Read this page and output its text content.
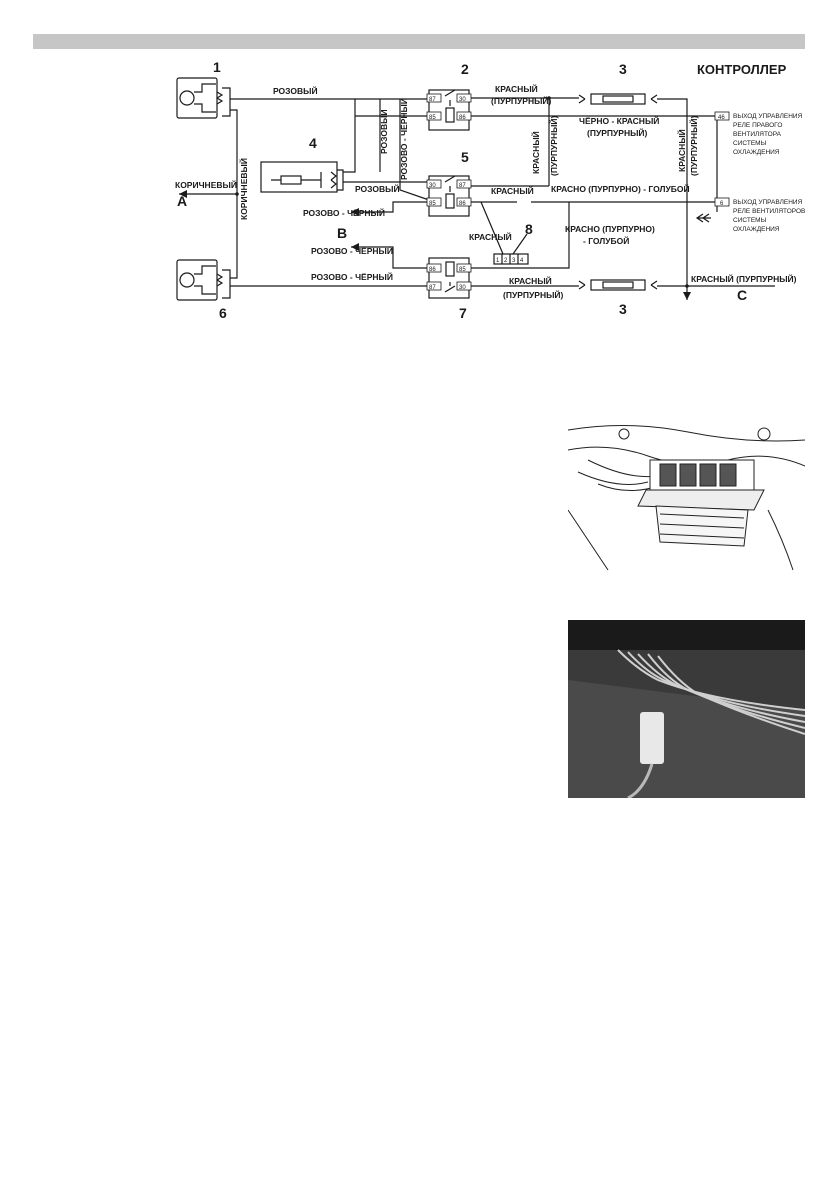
87	30
85	86
30	87
85	86
86	85
87	30
46
6
1 2 3 4
1	2	3
3
4
5
6	7
8
КОНТРОЛЛЕР
А
В
С
РОЗОВЫЙ
РОЗОВЫЙ РОЗОВО - ЧЁРНЫЙ
РОЗОВЫЙ
КОРИЧНЕВЫЙ КОРИЧНЕВЫЙ	РОЗОВО - ЧЁРНЫЙ
РОЗОВО - ЧЁРНЫЙ
РОЗОВО - ЧЁРНЫЙ
КРАСНЫЙ
(ПУРПУРНЫЙ)
ЧЁРНО - КРАСНЫЙ
(ПУРПУРНЫЙ)
КРАСНЫЙ (ПУРПУРНЫЙ)	КРАСНЫЙ (ПУРПУРНЫЙ)
КРАСНЫЙ КРАСНО (ПУРПУРНО) - ГОЛУБОЙ
КРАСНЫЙ
КРАСНО (ПУРПУРНО)
- ГОЛУБОЙ
КРАСНЫЙ
(ПУРПУРНЫЙ)
КРАСНЫЙ (ПУРПУРНЫЙ)
ВЫХОД УПРАВЛЕНИЯ
РЕЛЕ ПРАВОГО
ВЕНТИЛЯТОРА
СИСТЕМЫ
ОХЛАЖДЕНИЯ
ВЫХОД УПРАВЛЕНИЯ
РЕЛЕ ВЕНТИЛЯТОРОВ
СИСТЕМЫ
ОХЛАЖДЕНИЯ
